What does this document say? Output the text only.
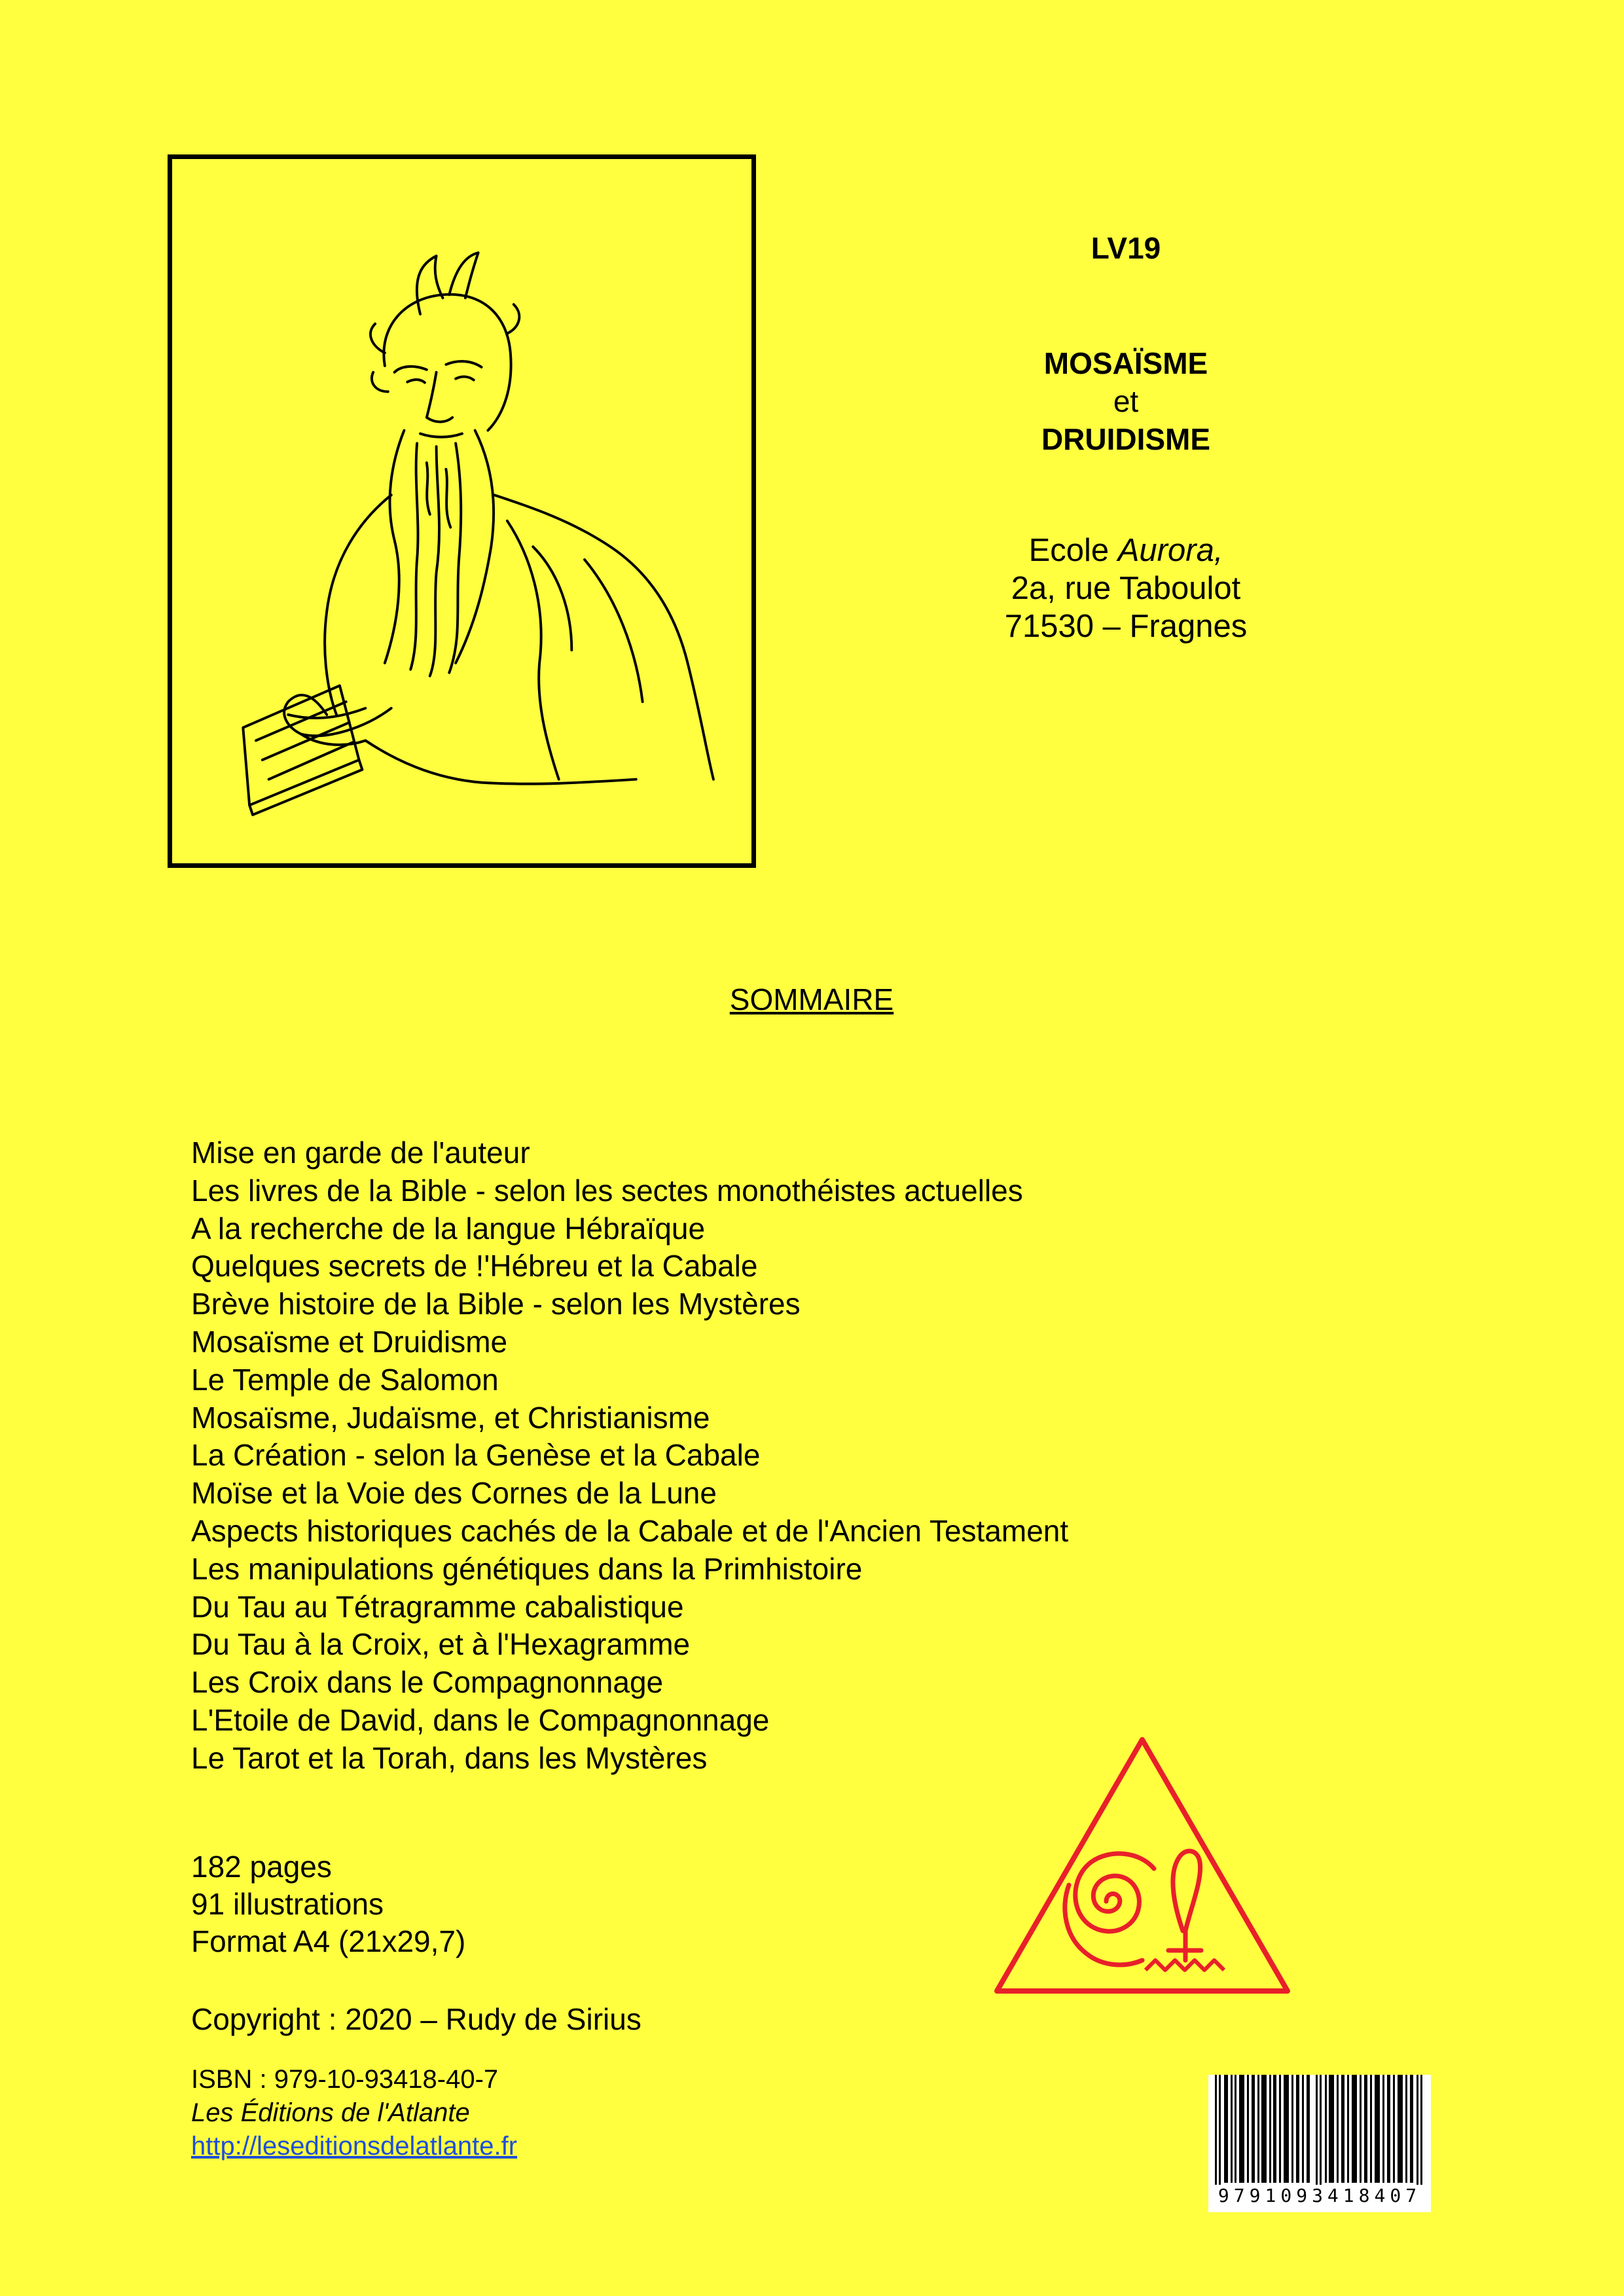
LV19
MOSAÏSME
et
DRUIDISME
Ecole Aurora,
2a, rue Taboulot
71530 – Fragnes
SOMMAIRE
Mise en garde de l'auteur
Les livres de la Bible - selon les sectes monothéistes actuelles
A la recherche de la langue Hébraïque
Quelques secrets de !'Hébreu et la Cabale
Brève histoire de la Bible - selon les Mystères
Mosaïsme et Druidisme
Le Temple de Salomon
Mosaïsme, Judaïsme, et Christianisme
La Création - selon la Genèse et la Cabale
Moïse et la Voie des Cornes de la Lune
Aspects historiques cachés de la Cabale et de l'Ancien Testament
Les manipulations génétiques dans la Primhistoire
Du Tau au Tétragramme cabalistique
Du Tau à la Croix, et à l'Hexagramme
Les Croix dans le Compagnonnage
L'Etoile de David, dans le Compagnonnage
Le Tarot et la Torah, dans les Mystères
182 pages
91 illustrations
Format A4 (21x29,7)
Copyright : 2020 – Rudy de Sirius
ISBN : 979-10-93418-40-7
Les Éditions de l'Atlante
http://leseditionsdelatlante.fr
9791093418407
